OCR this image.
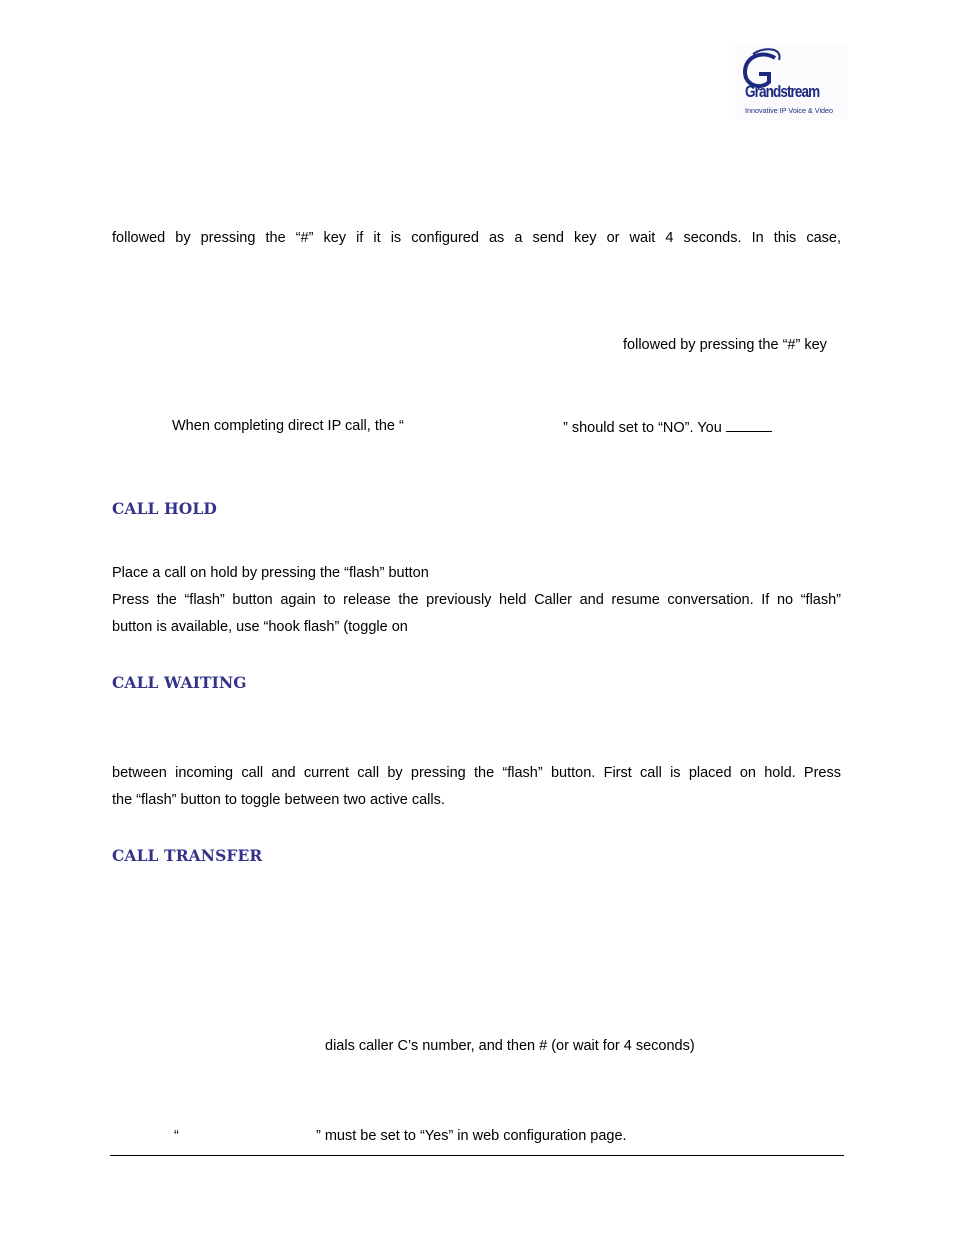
Grandstream
Innovative IP Voice & Video
followed by pressing the “#” key if it is configured as a send key or wait 4 seconds. In this case,
followed by pressing the “#” key
When completing direct IP call, the “	” should set to “NO”. You
CALL HOLD
Place a call on hold by pressing the “flash” button
Press the “flash” button again to release the previously held Caller and resume conversation. If no “flash”
button is available, use “hook flash” (toggle on
CALL WAITING
between incoming call and current call by pressing the “flash” button. First call is placed on hold. Press
the “flash” button to toggle between two active calls.
CALL TRANSFER
dials caller C’s number, and then # (or wait for 4 seconds)
“	” must be set to “Yes” in web configuration page.
